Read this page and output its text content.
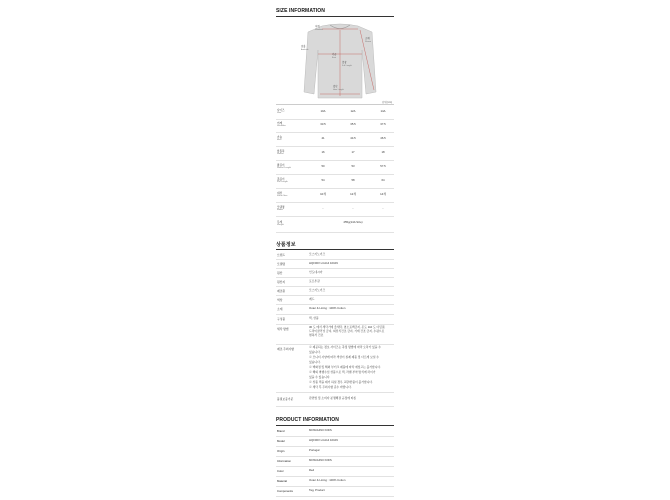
SIZE INFORMATION
어깨
Shoulder
소매
Sleeve
암홀
Armhole
가슴
Bust
총장
Full Length
밑단
Hem Length
단위:(cm)
사이즈
Size	10A	12A	14A
어깨
Shoulder	33.5	35.5	37.5
가슴
Bust	41	44.5	46.5
암홀폭
Sleeve	16	17	18
팔길이
Sleeve Length	50	53	57.5
총길이
Full Length	54	58	64
대상
Kenai Size	10세	12세	14세
모델명
Model	-	-	-
무게
Weight
255g(14A Size)
상품정보
브랜드	모스키노키즈
모델명	HQF00V LCA14 10109
원산	인도네시아
원산지	포르투갈
제조원	모스키노키즈
색상	레드
소재	Outer & Lining : 100% Cotton
구성품	택, 상품
세탁 방법	30 도 에서 세탁기에 울세탁, 염소표백금지, 온도 110 도 다림질,
드라이클리닝 금지, 회전식건조 금지, 기계 건조 금지, 수평으로
펼쳐서 건조
제조 주의사항	※ 제공되는 정보 사이즈는 측정 방법에 따라 오차가 있을 수
있습니다.
※ 모니터 사양에 따라 색상이 실제 제품 및 다르게 보일 수
있습니다.
※ 백화점 및 해외 부티크 제품에 따라 재입고는 불가합니다.
※ 해외 병행수입 상품으로 택, 라벨 부착 방식에 차이가
있을 수 있습니다.
※ 상품 택을 제거 하실 경우 교환/반품이 불가합니다.
※ 세탁 후 주의사항 준수 바랍니다.
품질보증기준	관련법 및 소비자 분쟁해결 규정에 따름
PRODUCT INFORMATION
Brand	MOSCHINO KIDS
Model	HQF00V LCA14 10109
Origin	Portugal
Information	MOSCHINO KIDS
Color	Red
Material	Outer & Lining : 100% Cotton
Components	Tag, Product
